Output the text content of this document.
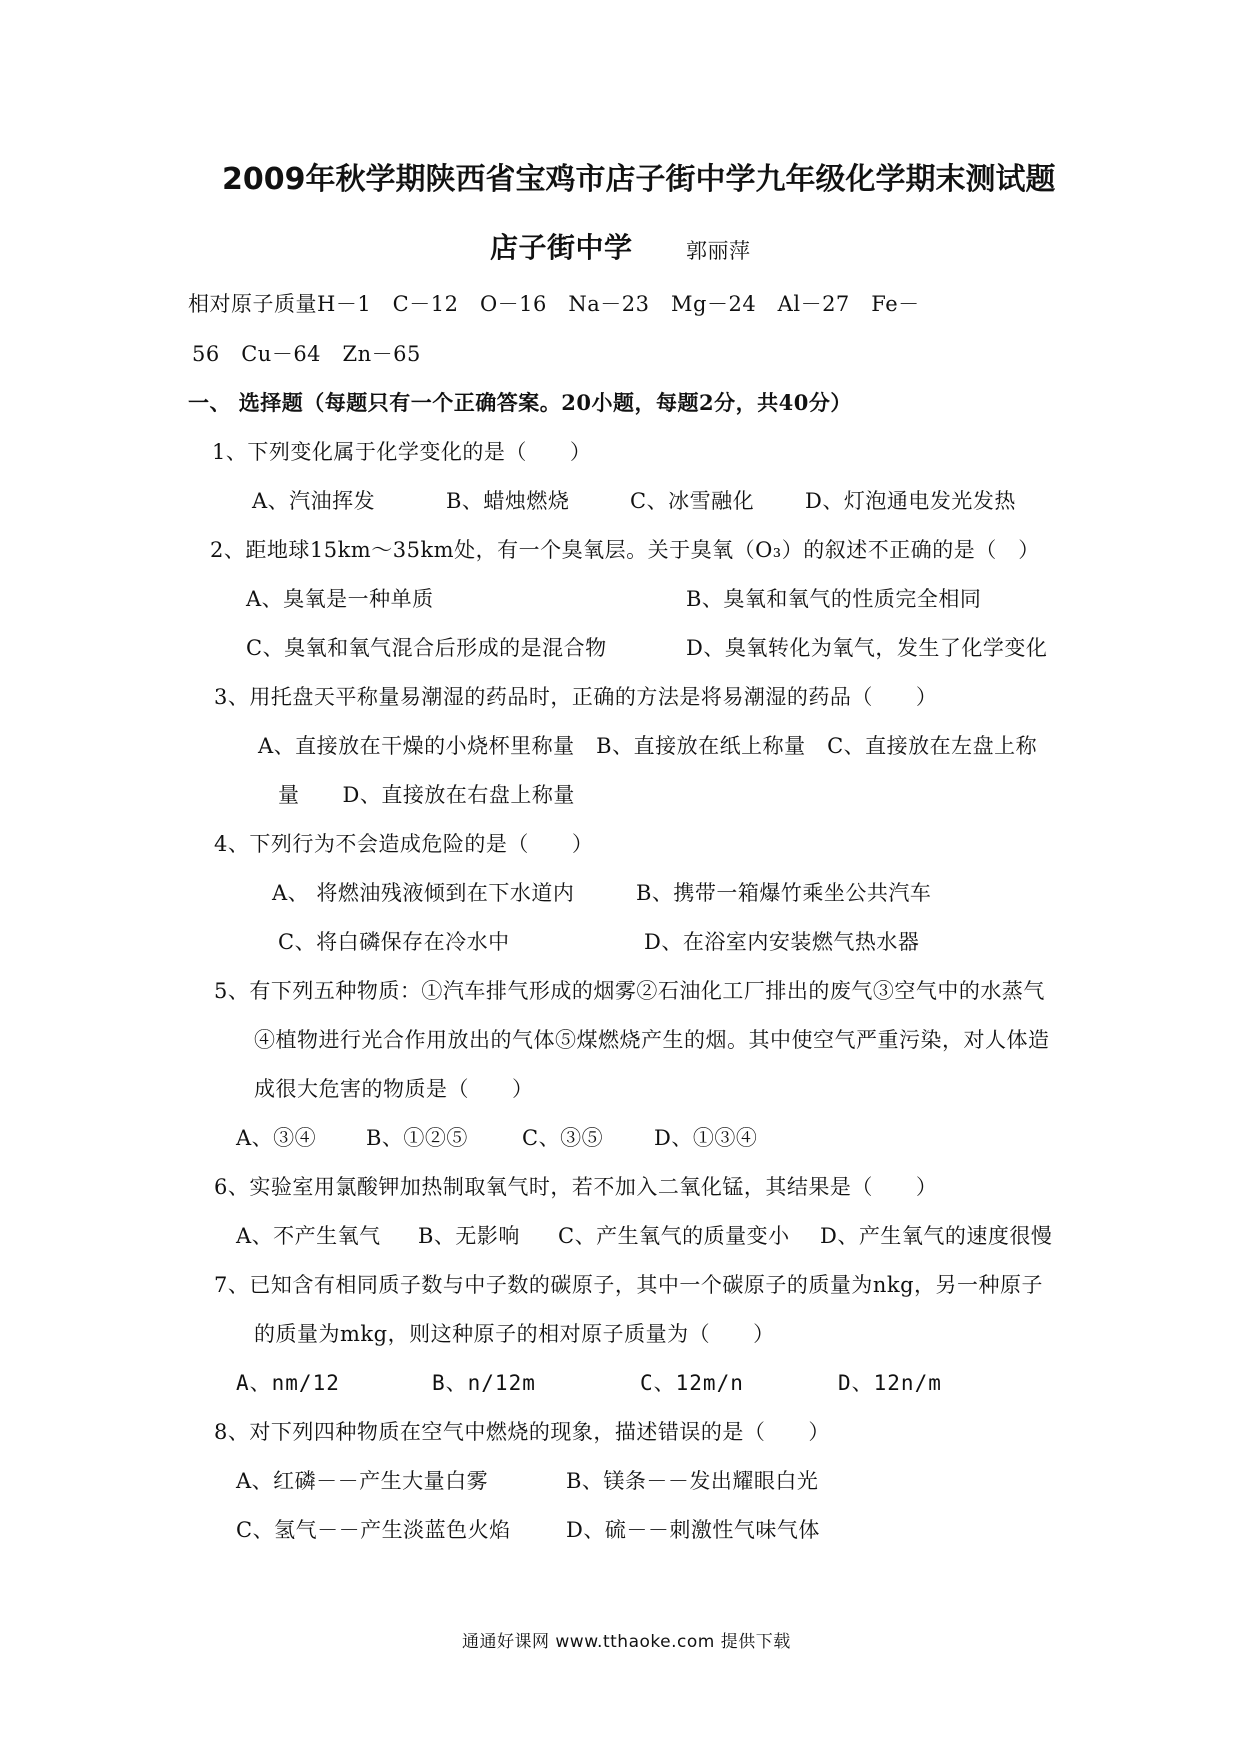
2009年秋学期陕西省宝鸡市店子街中学九年级化学期末测试题
店子街中学	郭丽萍
相对原子质量H－1　C－12　O－16　Na－23　Mg－24　Al－27　Fe－
56　Cu－64　Zn－65
一、 选择题（每题只有一个正确答案。20小题，每题2分，共40分）
1、下列变化属于化学变化的是（　　）
A、汽油挥发	B、蜡烛燃烧	C、冰雪融化 D、灯泡通电发光发热
2、距地球15km～35km处，有一个臭氧层。关于臭氧（O₃）的叙述不正确的是（　）
A、臭氧是一种单质	B、臭氧和氧气的性质完全相同
C、臭氧和氧气混合后形成的是混合物	D、臭氧转化为氧气，发生了化学变化
3、用托盘天平称量易潮湿的药品时，正确的方法是将易潮湿的药品（　　）
A、直接放在干燥的小烧杯里称量　B、直接放在纸上称量　C、直接放在左盘上称
量　　D、直接放在右盘上称量
4、下列行为不会造成危险的是（　　）
A、 将燃油残液倾到在下水道内	B、携带一箱爆竹乘坐公共汽车
C、将白磷保存在冷水中	D、在浴室内安装燃气热水器
5、有下列五种物质：①汽车排气形成的烟雾②石油化工厂排出的废气③空气中的水蒸气
④植物进行光合作用放出的气体⑤煤燃烧产生的烟。其中使空气严重污染，对人体造
成很大危害的物质是（　　）
A、③④ B、①②⑤	C、③⑤ D、①③④
6、实验室用氯酸钾加热制取氧气时，若不加入二氧化锰，其结果是（　　）
A、不产生氧气 B、无影响 C、产生氧气的质量变小 D、产生氧气的速度很慢
7、已知含有相同质子数与中子数的碳原子，其中一个碳原子的质量为nkg，另一种原子
的质量为mkg，则这种原子的相对原子质量为（　　）
A、nm/12	B、n/12m	C、12m/n	D、12n/m
8、对下列四种物质在空气中燃烧的现象，描述错误的是（　　）
A、红磷－－产生大量白雾	B、镁条－－发出耀眼白光
C、氢气－－产生淡蓝色火焰	D、硫－－刺激性气味气体
通通好课网 www.tthaoke.com 提供下载
